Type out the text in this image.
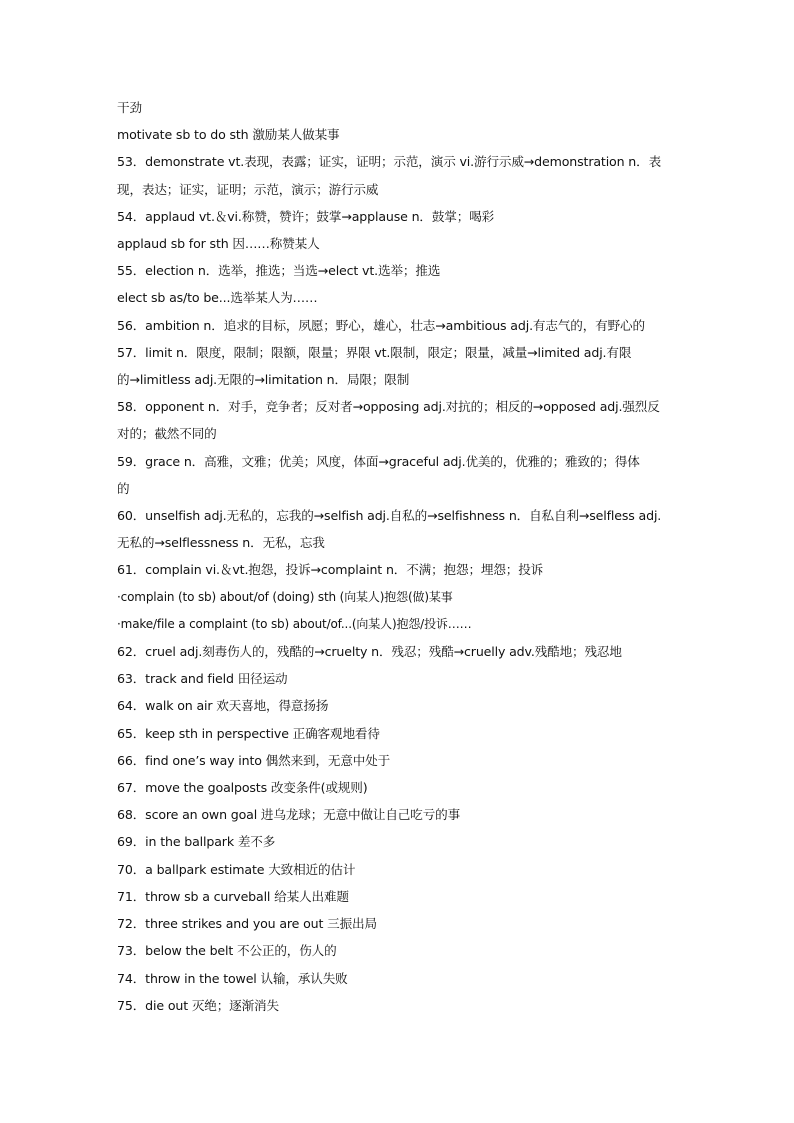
干劲
motivate sb to do sth 激励某人做某事
53．demonstrate vt.表现，表露；证实，证明；示范，演示 vi.游行示威→demonstration n．表
现，表达；证实，证明；示范，演示；游行示威
54．applaud vt.＆vi.称赞，赞许；鼓掌→applause n．鼓掌；喝彩
applaud sb for sth 因……称赞某人
55．election n．选举，推选；当选→elect vt.选举；推选
elect sb as/to be...选举某人为……
56．ambition n．追求的目标，夙愿；野心，雄心，壮志→ambitious adj.有志气的，有野心的
57．limit n．限度，限制；限额，限量；界限 vt.限制，限定；限量，减量→limited adj.有限
的→limitless adj.无限的→limitation n．局限；限制
58．opponent n．对手，竞争者；反对者→opposing adj.对抗的；相反的→opposed adj.强烈反
对的；截然不同的
59．grace n．高雅，文雅；优美；风度，体面→graceful adj.优美的，优雅的；雅致的；得体
的
60．unselfish adj.无私的，忘我的→selfish adj.自私的→selfishness n．自私自利→selfless adj.
无私的→selflessness n．无私，忘我
61．complain vi.＆vt.抱怨，投诉→complaint n．不满；抱怨；埋怨；投诉
·complain (to sb) about/of (doing) sth (向某人)抱怨(做)某事
·make/file a complaint (to sb) about/of...(向某人)抱怨/投诉……
62．cruel adj.刻毒伤人的，残酷的→cruelty n．残忍；残酷→cruelly adv.残酷地；残忍地
63．track and field 田径运动
64．walk on air 欢天喜地，得意扬扬
65．keep sth in perspective 正确客观地看待
66．find one’s way into 偶然来到，无意中处于
67．move the goalposts 改变条件(或规则)
68．score an own goal 进乌龙球；无意中做让自己吃亏的事
69．in the ballpark 差不多
70．a ballpark estimate 大致相近的估计
71．throw sb a curveball 给某人出难题
72．three strikes and you are out 三振出局
73．below the belt 不公正的，伤人的
74．throw in the towel 认输，承认失败
75．die out 灭绝；逐渐消失
